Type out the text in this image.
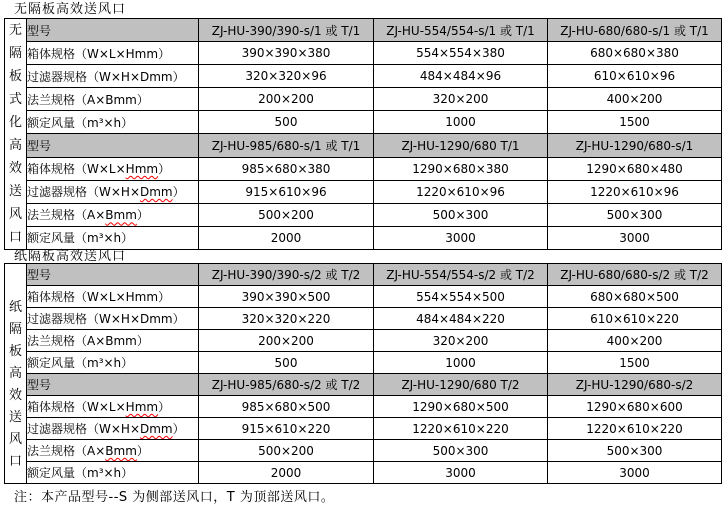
无隔板高效送风口
无
隔
板
式
化
高
效
送
风
口
	型号	ZJ-HU-390/390-s/1 或 T/1	ZJ-HU-554/554-s/1 或 T/1	ZJ-HU-680/680-s/1 或 T/1
	箱体规格（W×L×Hmm）	390×390×380	554×554×380	680×680×380
	过滤器规格（W×H×Dmm）	320×320×96	484×484×96	610×610×96
	法兰规格（A×Bmm）	200×200	320×200	400×200
	额定风量（m³×h）	500	1000	1500
	型号	ZJ-HU-985/680-s/1 或 T/1	ZJ-HU-1290/680 T/1	ZJ-HU-1290/680-s/1
	箱体规格（W×L×Hmm）	985×680×380	1290×680×380	1290×680×480
	过滤器规格（W×H×Dmm）	915×610×96	1220×610×96	1220×610×96
	法兰规格（A×Bmm）	500×200	500×300	500×300
	额定风量（m³×h）	2000	3000	3000
纸隔板高效送风口
纸
隔
板
高
效
送
风
口
	型号	ZJ-HU-390/390-s/2 或 T/2	ZJ-HU-554/554-s/2 或 T/2	ZJ-HU-680/680-s/2 或 T/2
	箱体规格（W×L×Hmm）	390×390×500	554×554×500	680×680×500
	过滤器规格（W×H×Dmm）	320×320×220	484×484×220	610×610×220
	法兰规格（A×Bmm）	200×200	320×200	400×200
	额定风量（m³×h）	500	1000	1500
	型号	ZJ-HU-985/680-s/2 或 T/2	ZJ-HU-1290/680 T/2	ZJ-HU-1290/680-s/2
	箱体规格（W×L×Hmm）	985×680×500	1290×680×500	1290×680×600
	过滤器规格（W×H×Dmm）	915×610×220	1220×610×220	1220×610×220
	法兰规格（A×Bmm）	500×200	500×300	500×300
	额定风量（m³×h）	2000	3000	3000
注：本产品型号--S 为侧部送风口，T 为顶部送风口。
